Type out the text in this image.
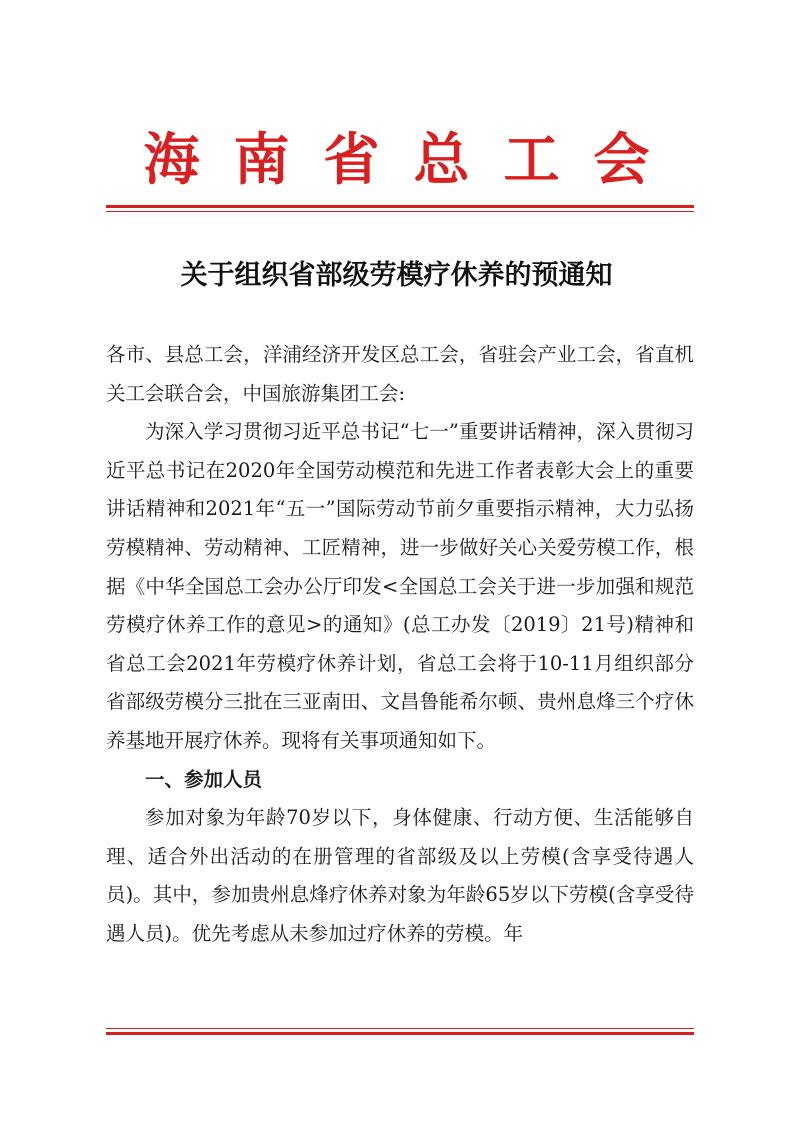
海南省总工会
关于组织省部级劳模疗休养的预通知

各市、县总工会，洋浦经济开发区总工会，省驻会产业工会，省直机关工会联合会，中国旅游集团工会:

为深入学习贯彻习近平总书记“七一”重要讲话精神，深入贯彻习近平总书记在2020年全国劳动模范和先进工作者表彰大会上的重要讲话精神和2021年“五一”国际劳动节前夕重要指示精神，大力弘扬劳模精神、劳动精神、工匠精神，进一步做好关心关爱劳模工作，根据《中华全国总工会办公厅印发<全国总工会关于进一步加强和规范劳模疗休养工作的意见>的通知》(总工办发〔2019〕21号)精神和省总工会2021年劳模疗休养计划，省总工会将于10-11月组织部分省部级劳模分三批在三亚南田、文昌鲁能希尔顿、贵州息烽三个疗休养基地开展疗休养。现将有关事项通知如下。

一、参加人员

参加对象为年龄70岁以下，身体健康、行动方便、生活能够自理、适合外出活动的在册管理的省部级及以上劳模(含享受待遇人员)。其中，参加贵州息烽疗休养对象为年龄65岁以下劳模(含享受待遇人员)。优先考虑从未参加过疗休养的劳模。年
